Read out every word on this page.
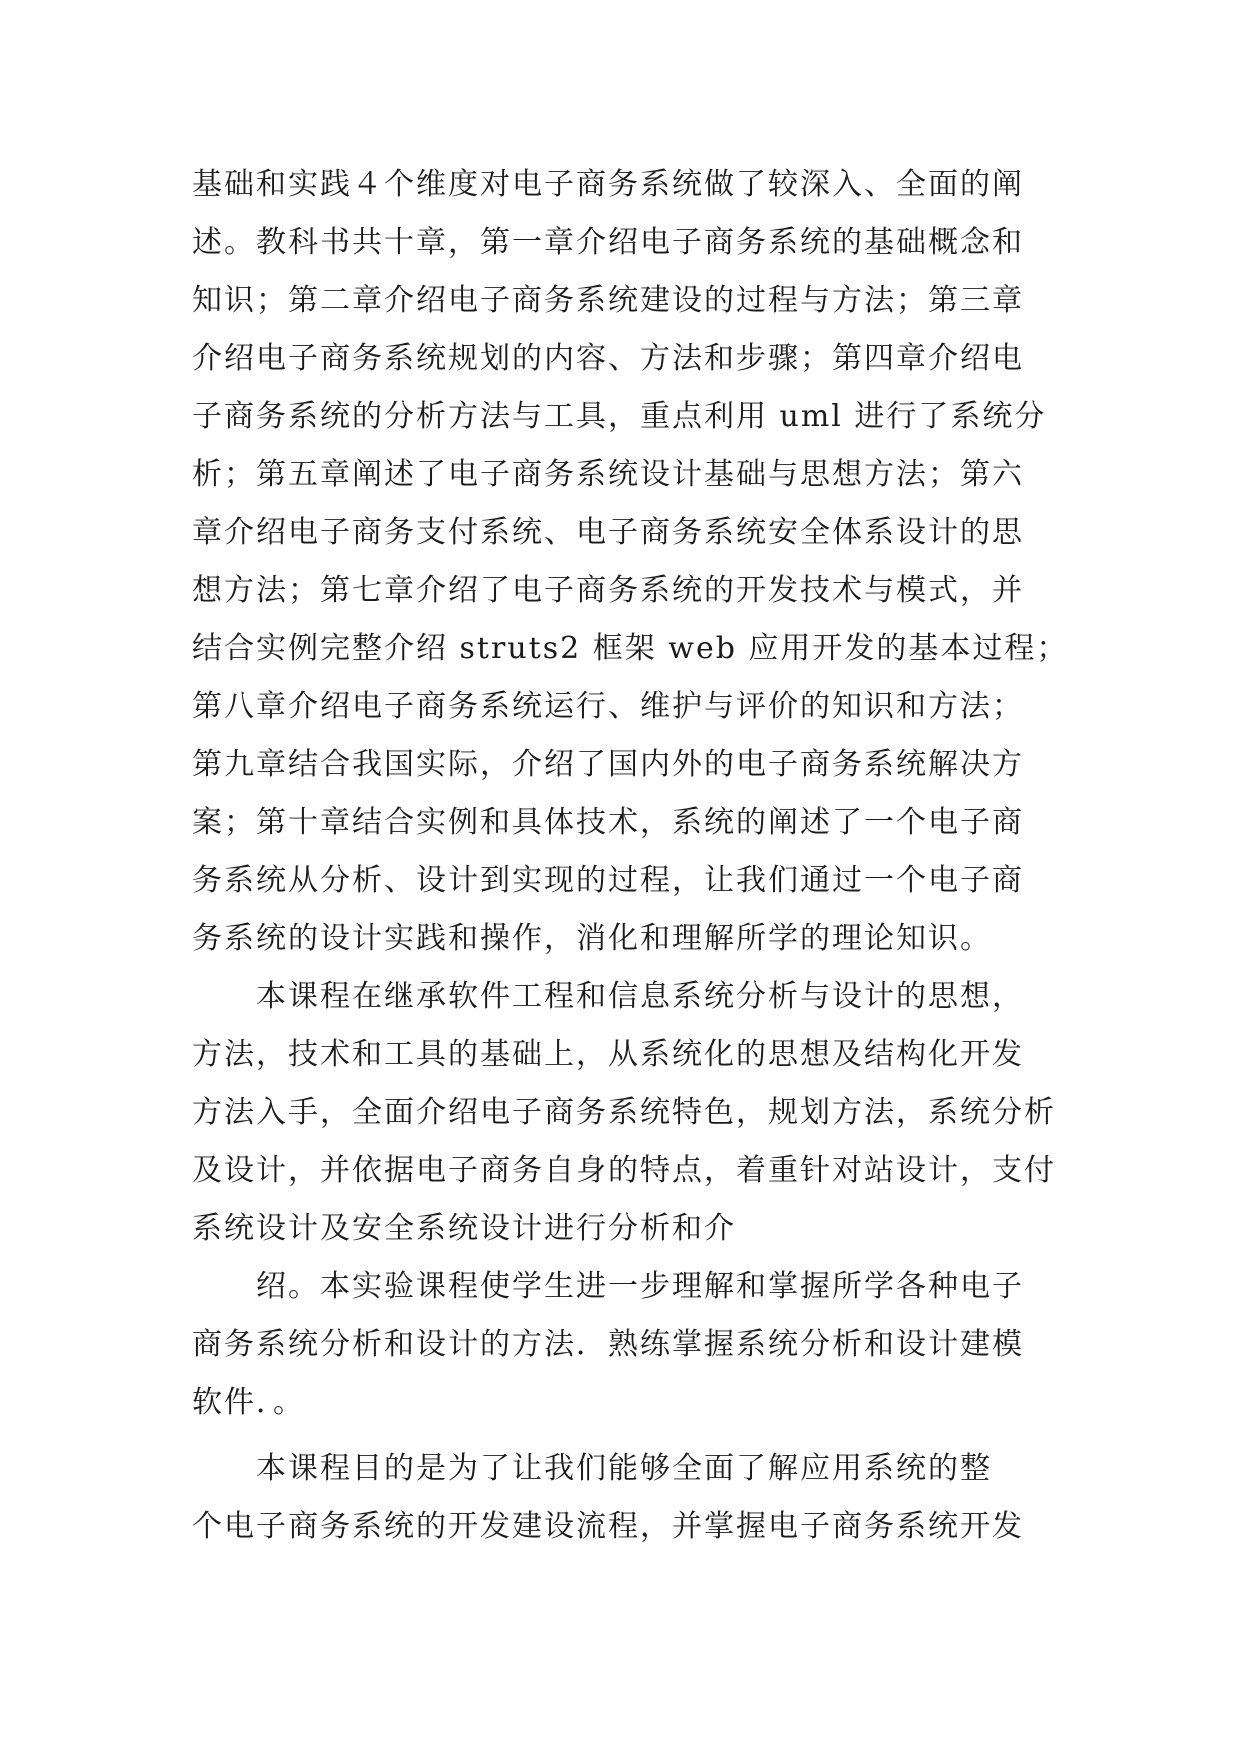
基础和实践４个维度对电子商务系统做了较深入、全面的阐
述。教科书共十章，第一章介绍电子商务系统的基础概念和
知识；第二章介绍电子商务系统建设的过程与方法；第三章
介绍电子商务系统规划的内容、方法和步骤；第四章介绍电
子商务系统的分析方法与工具，重点利用 uml 进行了系统分
析；第五章阐述了电子商务系统设计基础与思想方法；第六
章介绍电子商务支付系统、电子商务系统安全体系设计的思
想方法；第七章介绍了电子商务系统的开发技术与模式，并
结合实例完整介绍 struts2 框架 web 应用开发的基本过程；
第八章介绍电子商务系统运行、维护与评价的知识和方法；
第九章结合我国实际，介绍了国内外的电子商务系统解决方
案；第十章结合实例和具体技术，系统的阐述了一个电子商
务系统从分析、设计到实现的过程，让我们通过一个电子商
务系统的设计实践和操作，消化和理解所学的理论知识。
　　本课程在继承软件工程和信息系统分析与设计的思想，
方法，技术和工具的基础上，从系统化的思想及结构化开发
方法入手，全面介绍电子商务系统特色，规划方法，系统分析
及设计，并依据电子商务自身的特点，着重针对站设计，支付
系统设计及安全系统设计进行分析和介
　　绍。本实验课程使学生进一步理解和掌握所学各种电子
商务系统分析和设计的方法．熟练掌握系统分析和设计建模
软件．。
　　本课程目的是为了让我们能够全面了解应用系统的整
个电子商务系统的开发建设流程，并掌握电子商务系统开发
